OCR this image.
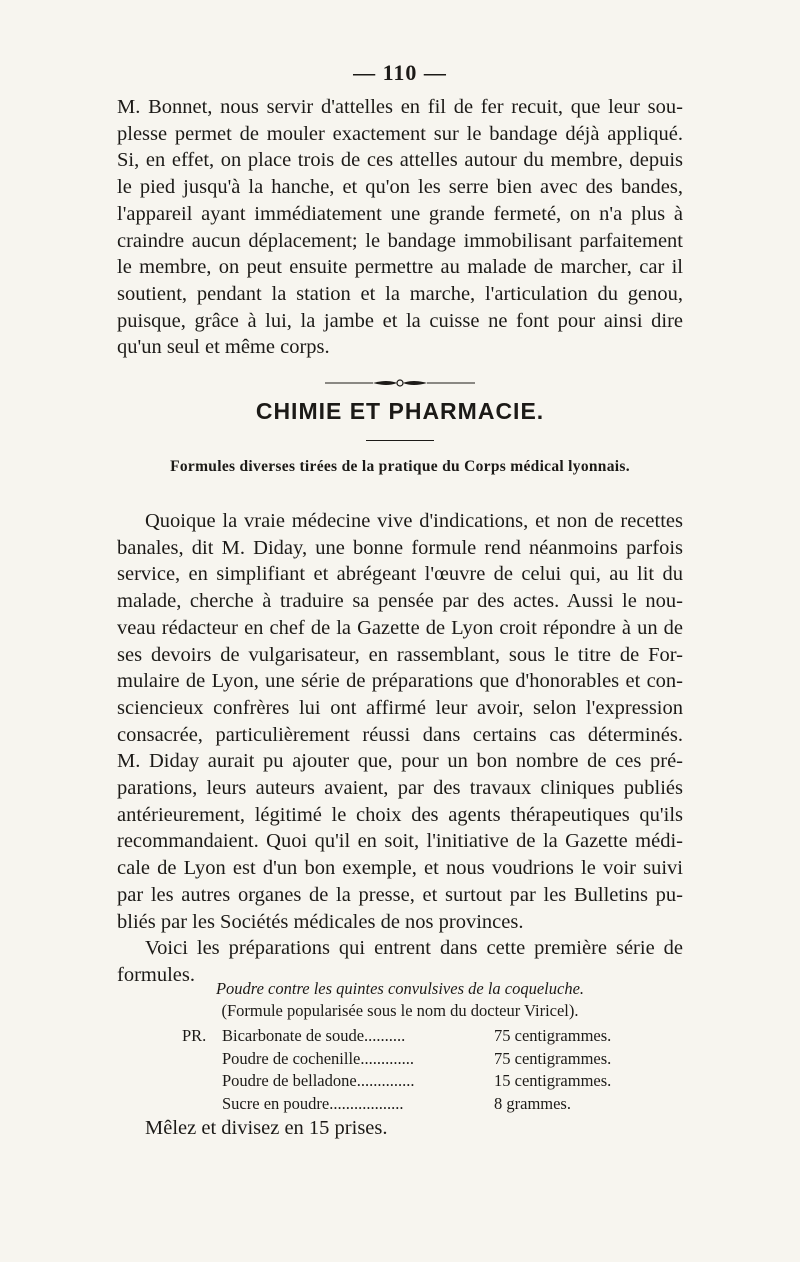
— 110 —

M. Bonnet, nous servir d'attelles en fil de fer recuit, que leur sou-

plesse permet de mouler exactement sur le bandage déjà appliqué.

Si, en effet, on place trois de ces attelles autour du membre, depuis

le pied jusqu'à la hanche, et qu'on les serre bien avec des bandes,

l'appareil ayant immédiatement une grande fermeté, on n'a plus à

craindre aucun déplacement; le bandage immobilisant parfaitement

le membre, on peut ensuite permettre au malade de marcher, car il

soutient, pendant la station et la marche, l'articulation du genou,

puisque, grâce à lui, la jambe et la cuisse ne font pour ainsi dire

qu'un seul et même corps.

CHIMIE ET PHARMACIE.
Formules diverses tirées de la pratique du Corps médical lyonnais.

Quoique la vraie médecine vive d'indications, et non de recettes

banales, dit M. Diday, une bonne formule rend néanmoins parfois

service, en simplifiant et abrégeant l'œuvre de celui qui, au lit du

malade, cherche à traduire sa pensée par des actes. Aussi le nou-

veau rédacteur en chef de la Gazette de Lyon croit répondre à un de

ses devoirs de vulgarisateur, en rassemblant, sous le titre de For-

mulaire de Lyon, une série de préparations que d'honorables et con-

sciencieux confrères lui ont affirmé leur avoir, selon l'expression

consacrée, particulièrement réussi dans certains cas déterminés.

M. Diday aurait pu ajouter que, pour un bon nombre de ces pré-

parations, leurs auteurs avaient, par des travaux cliniques publiés

antérieurement, légitimé le choix des agents thérapeutiques qu'ils

recommandaient. Quoi qu'il en soit, l'initiative de la Gazette médi-

cale de Lyon est d'un bon exemple, et nous voudrions le voir suivi

par les autres organes de la presse, et surtout par les Bulletins pu-

bliés par les Sociétés médicales de nos provinces.

Voici les préparations qui entrent dans cette première série de

formules.

Poudre contre les quintes convulsives de la coqueluche.
(Formule popularisée sous le nom du docteur Viricel).
PR. Bicarbonate de soude..........	75 centigrammes.
Poudre de cochenille.............	75 centigrammes.
Poudre de belladone..............	15 centigrammes.
Sucre en poudre..................	8 grammes.
Mêlez et divisez en 15 prises.
